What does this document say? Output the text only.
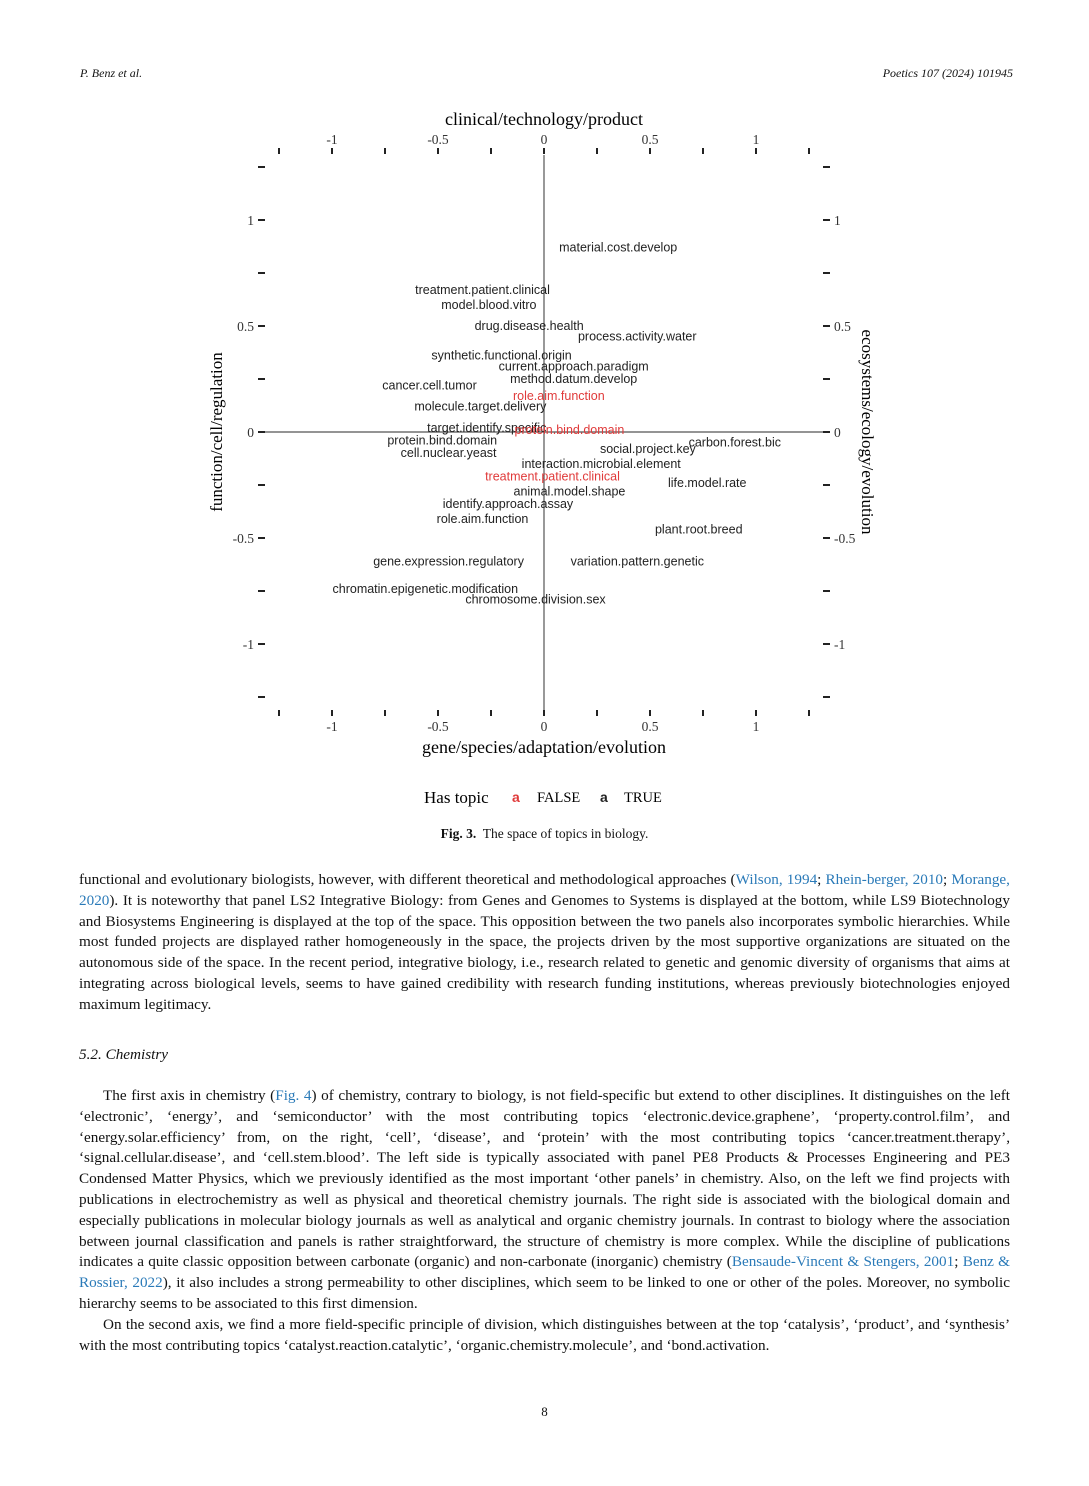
P. Benz et al.	Poetics 107 (2024) 101945
-1
-1
-0.5
-0.5
0
0
0.5
0.5
1
1
1	1
0.5	0.5
0	0
-0.5	-0.5
-1	-1
material.cost.develop
treatment.patient.clinical
model.blood.vitro
drug.disease.health
process.activity.water
synthetic.functional.origin
current.approach.paradigm
method.datum.develop
cancer.cell.tumor
role.aim.function
molecule.target.delivery
target.identify.specific
protein.bind.domain
protein.bind.domain	carbon.forest.bic
social.project.key
cell.nuclear.yeast
interaction.microbial.element
treatment.patient.clinical	life.model.rate
animal.model.shape
identify.approach.assay
role.aim.function
plant.root.breed
gene.expression.regulatory	variation.pattern.genetic
chromatin.epigenetic.modification
chromosome.division.sex
clinical/technology/product
gene/species/adaptation/evolution
function/cell/regulation	ecosystems/ecology/evolution
Has topic a FALSE a TRUE
Fig. 3. The space of topics in biology.

functional and evolutionary biologists, however, with different theoretical and methodological approaches (Wilson, 1994; Rhein-berger, 2010; Morange, 2020). It is noteworthy that panel LS2 Integrative Biology: from Genes and Genomes to Systems is displayed at the bottom, while LS9 Biotechnology and Biosystems Engineering is displayed at the top of the space. This opposition between the two panels also incorporates symbolic hierarchies. While most funded projects are displayed rather homogeneously in the space, the projects driven by the most supportive organizations are situated on the autonomous side of the space. In the recent period, integrative biology, i.e., research related to genetic and genomic diversity of organisms that aims at integrating across biological levels, seems to have gained credibility with research funding institutions, whereas previously biotechnologies enjoyed maximum legitimacy.

5.2. Chemistry

The first axis in chemistry (Fig. 4) of chemistry, contrary to biology, is not field-specific but extend to other disciplines. It distinguishes on the left ‘electronic’, ‘energy’, and ‘semiconductor’ with the most contributing topics ‘electronic.device.graphene’, ‘property.control.film’, and ‘energy.solar.efficiency’ from, on the right, ‘cell’, ‘disease’, and ‘protein’ with the most contributing topics ‘cancer.treatment.therapy’, ‘signal.cellular.disease’, and ‘cell.stem.blood’. The left side is typically associated with panel PE8 Products & Processes Engineering and PE3 Condensed Matter Physics, which we previously identified as the most important ‘other panels’ in chemistry. Also, on the left we find projects with publications in electrochemistry as well as physical and theoretical chemistry journals. The right side is associated with the biological domain and especially publications in molecular biology journals as well as analytical and organic chemistry journals. In contrast to biology where the association between journal classification and panels is rather straightforward, the structure of chemistry is more complex. While the discipline of publications indicates a quite classic opposition between carbonate (organic) and non-carbonate (inorganic) chemistry (Bensaude-Vincent & Stengers, 2001; Benz & Rossier, 2022), it also includes a strong permeability to other disciplines, which seem to be linked to one or other of the poles. Moreover, no symbolic hierarchy seems to be associated to this first dimension.

On the second axis, we find a more field-specific principle of division, which distinguishes between at the top ‘catalysis’, ‘product’, and ‘synthesis’ with the most contributing topics ‘catalyst.reaction.catalytic’, ‘organic.chemistry.molecule’, and ‘bond.activation.

8
